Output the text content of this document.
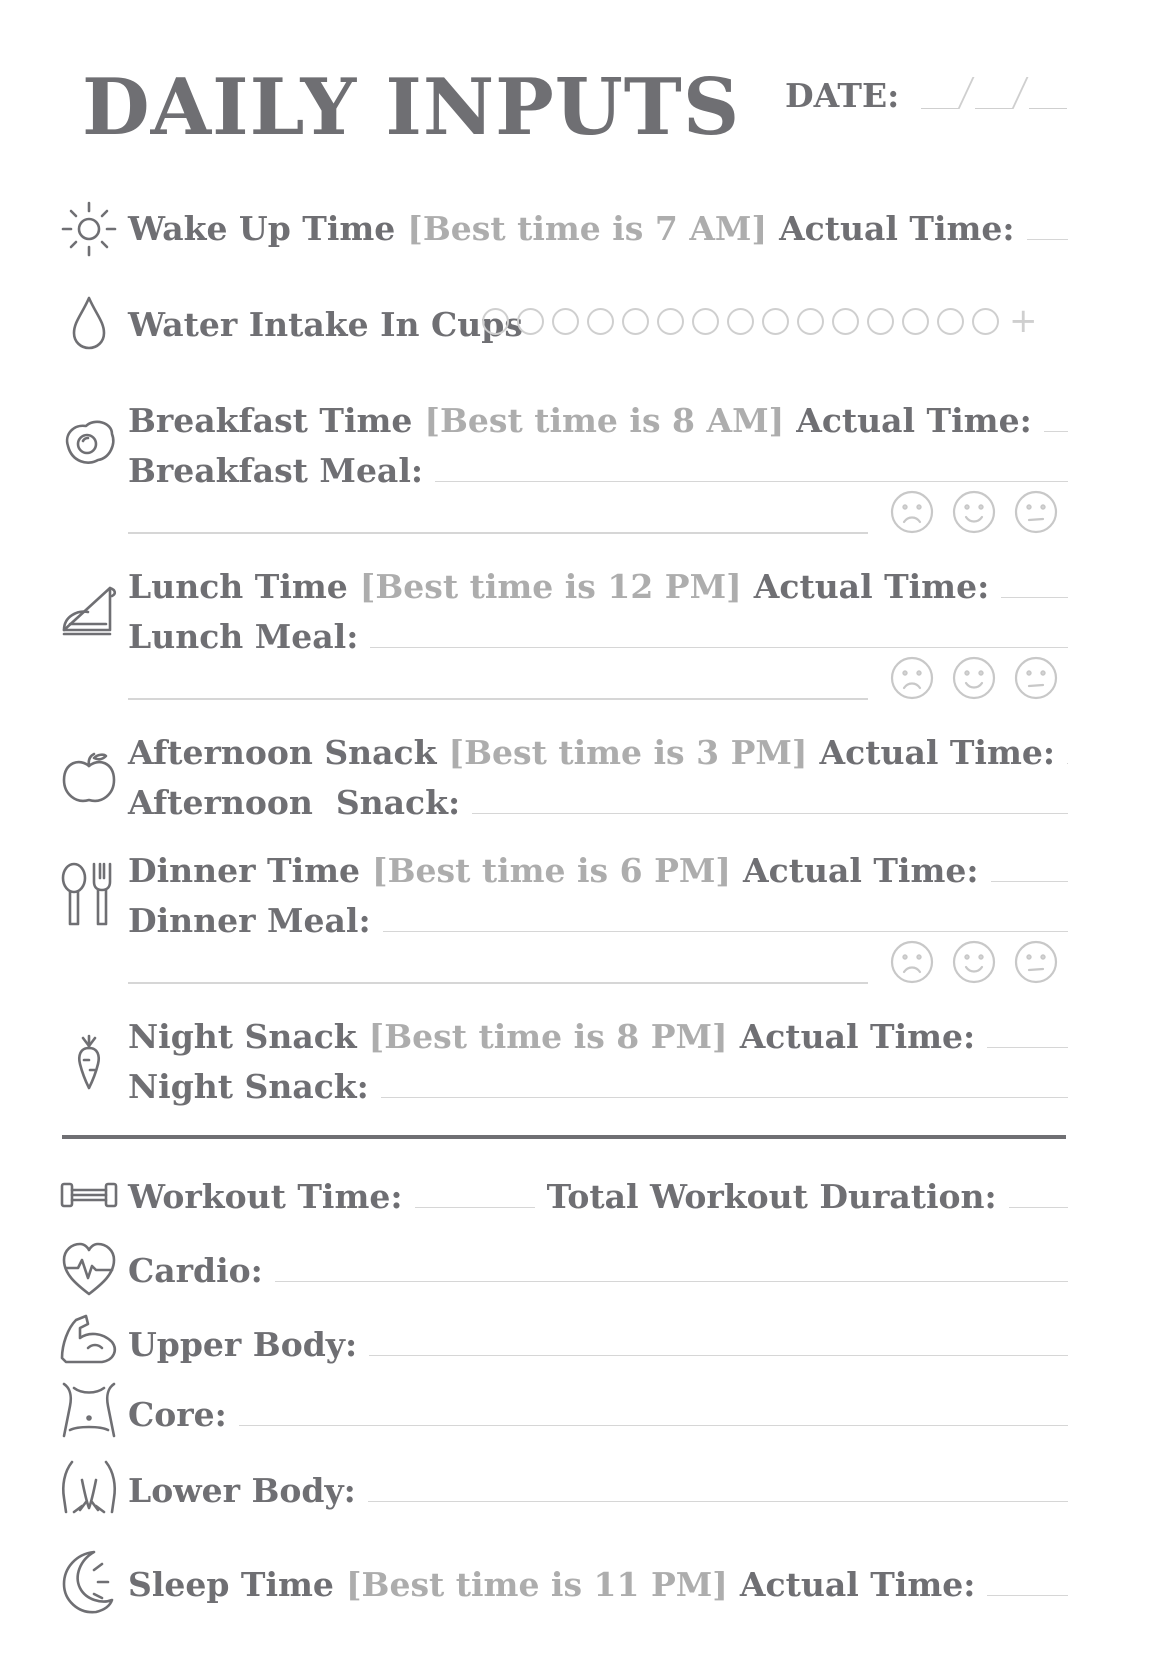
DAILY INPUTS DATE:
Wake Up Time [Best time is 7 AM] Actual Time:
Water Intake In Cups	+
Breakfast Time [Best time is 8 AM] Actual Time:
Breakfast Meal:
Lunch Time [Best time is 12 PM] Actual Time:
Lunch Meal:
Afternoon Snack [Best time is 3 PM] Actual Time:
Afternoon  Snack:
Dinner Time [Best time is 6 PM] Actual Time:
Dinner Meal:
Night Snack [Best time is 8 PM] Actual Time:
Night Snack:
Workout Time:	Total Workout Duration:
Cardio:
Upper Body:
Core:
Lower Body:
Sleep Time [Best time is 11 PM] Actual Time:
